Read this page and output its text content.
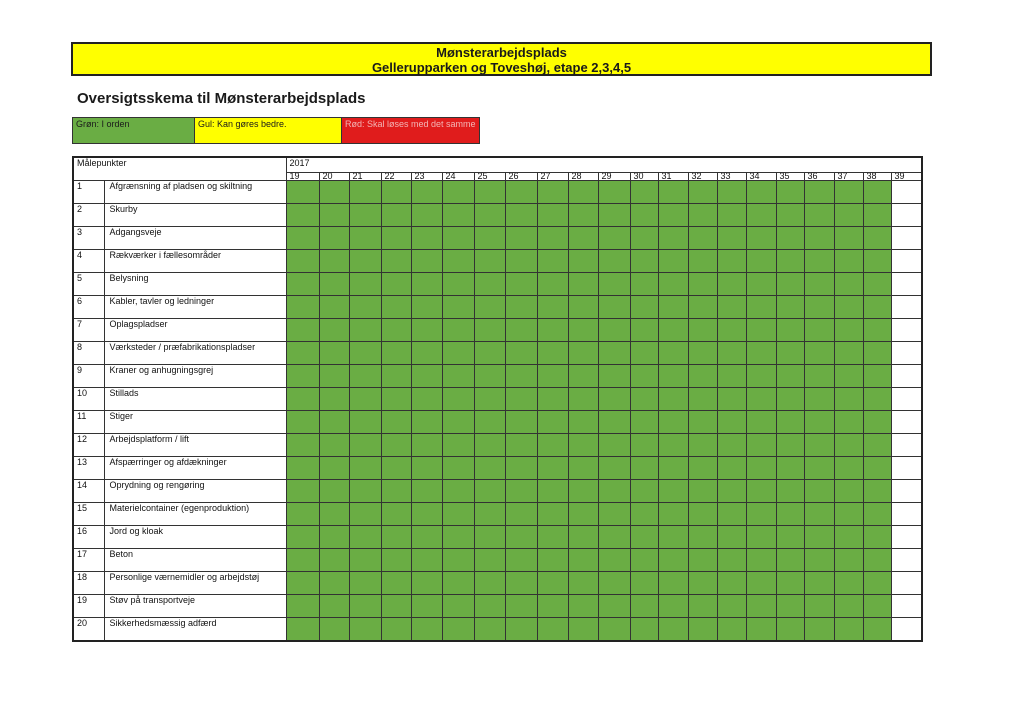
Mønsterarbejdsplads
Gellerupparken og Toveshøj, etape 2,3,4,5
Oversigtsskema til Mønsterarbejdsplads
Grøn: I orden	Gul: Kan gøres bedre.	Rød: Skal løses med det samme
Målepunkter		2017																				
		19	20	21	22	23	24	25	26	27	28	29	30	31	32	33	34	35	36	37	38	39
1	Afgrænsning af pladsen og skiltning																					
2	Skurby																					
3	Adgangsveje																					
4	Rækværker i fællesområder																					
5	Belysning																					
6	Kabler, tavler og ledninger																					
7	Oplagspladser																					
8	Værksteder / præfabrikationspladser																					
9	Kraner og anhugningsgrej																					
10	Stillads																					
11	Stiger																					
12	Arbejdsplatform / lift																					
13	Afspærringer og afdækninger																					
14	Oprydning og rengøring																					
15	Materielcontainer (egenproduktion)																					
16	Jord og kloak																					
17	Beton																					
18	Personlige værnemidler og arbejdstøj																					
19	Støv på transportveje																					
20	Sikkerhedsmæssig adfærd																					
